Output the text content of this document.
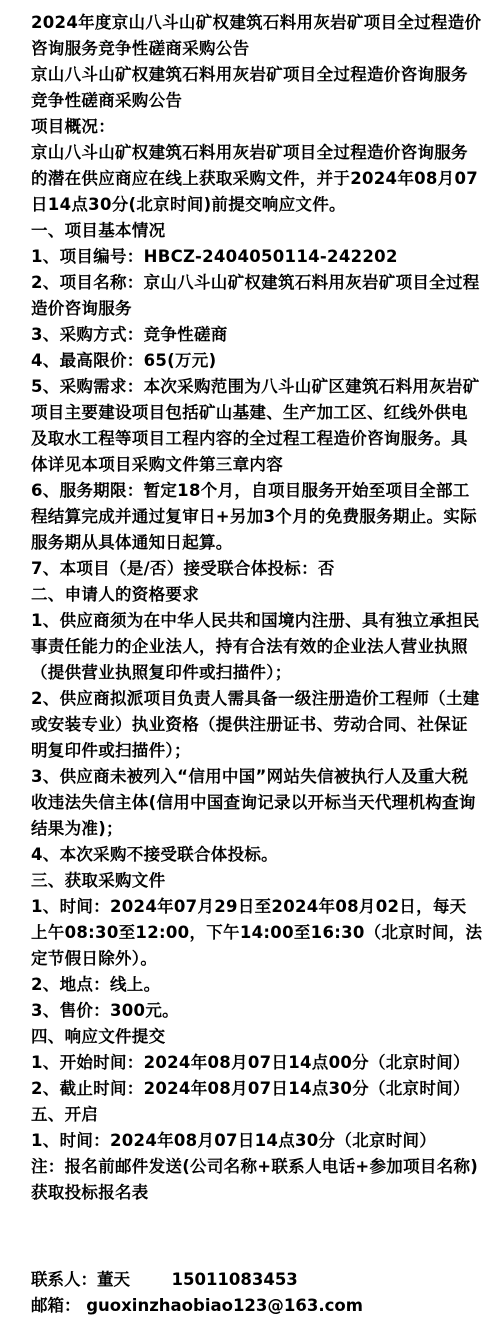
2024年度京山八斗山矿权建筑石料用灰岩矿项目全过程造价咨询服务竞争性磋商采购公告

京山八斗山矿权建筑石料用灰岩矿项目全过程造价咨询服务竞争性磋商采购公告

项目概况：

京山八斗山矿权建筑石料用灰岩矿项目全过程造价咨询服务的潜在供应商应在线上获取采购文件，并于2024年08月07日14点30分(北京时间)前提交响应文件。

一、项目基本情况

1、项目编号：HBCZ-2404050114-242202

2、项目名称：京山八斗山矿权建筑石料用灰岩矿项目全过程造价咨询服务

3、采购方式：竞争性磋商

4、最高限价：65(万元)

5、采购需求：本次采购范围为八斗山矿区建筑石料用灰岩矿项目主要建设项目包括矿山基建、生产加工区、红线外供电及取水工程等项目工程内容的全过程工程造价咨询服务。具体详见本项目采购文件第三章内容

6、服务期限：暂定18个月，自项目服务开始至项目全部工程结算完成并通过复审日+另加3个月的免费服务期止。实际服务期从具体通知日起算。

7、本项目（是/否）接受联合体投标：否

二、申请人的资格要求

1、供应商须为在中华人民共和国境内注册、具有独立承担民事责任能力的企业法人，持有合法有效的企业法人营业执照（提供营业执照复印件或扫描件）；

2、供应商拟派项目负责人需具备一级注册造价工程师（土建或安装专业）执业资格（提供注册证书、劳动合同、社保证明复印件或扫描件）；

3、供应商未被列入“信用中国”网站失信被执行人及重大税收违法失信主体(信用中国查询记录以开标当天代理机构查询结果为准)；

4、本次采购不接受联合体投标。

三、获取采购文件

1、时间：2024年07月29日至2024年08月02日，每天上午08:30至12:00，下午14:00至16:30（北京时间，法定节假日除外）。

2、地点：线上。

3、售价：300元。

四、响应文件提交

1、开始时间：2024年08月07日14点00分（北京时间）

2、截止时间：2024年08月07日14点30分（北京时间）

五、开启

1、时间：2024年08月07日14点30分（北京时间）

注：报名前邮件发送(公司名称+联系人电话+参加项目名称)获取投标报名表

联系人：董天	15011083453
邮箱： guoxinzhaobiao123@163.com
